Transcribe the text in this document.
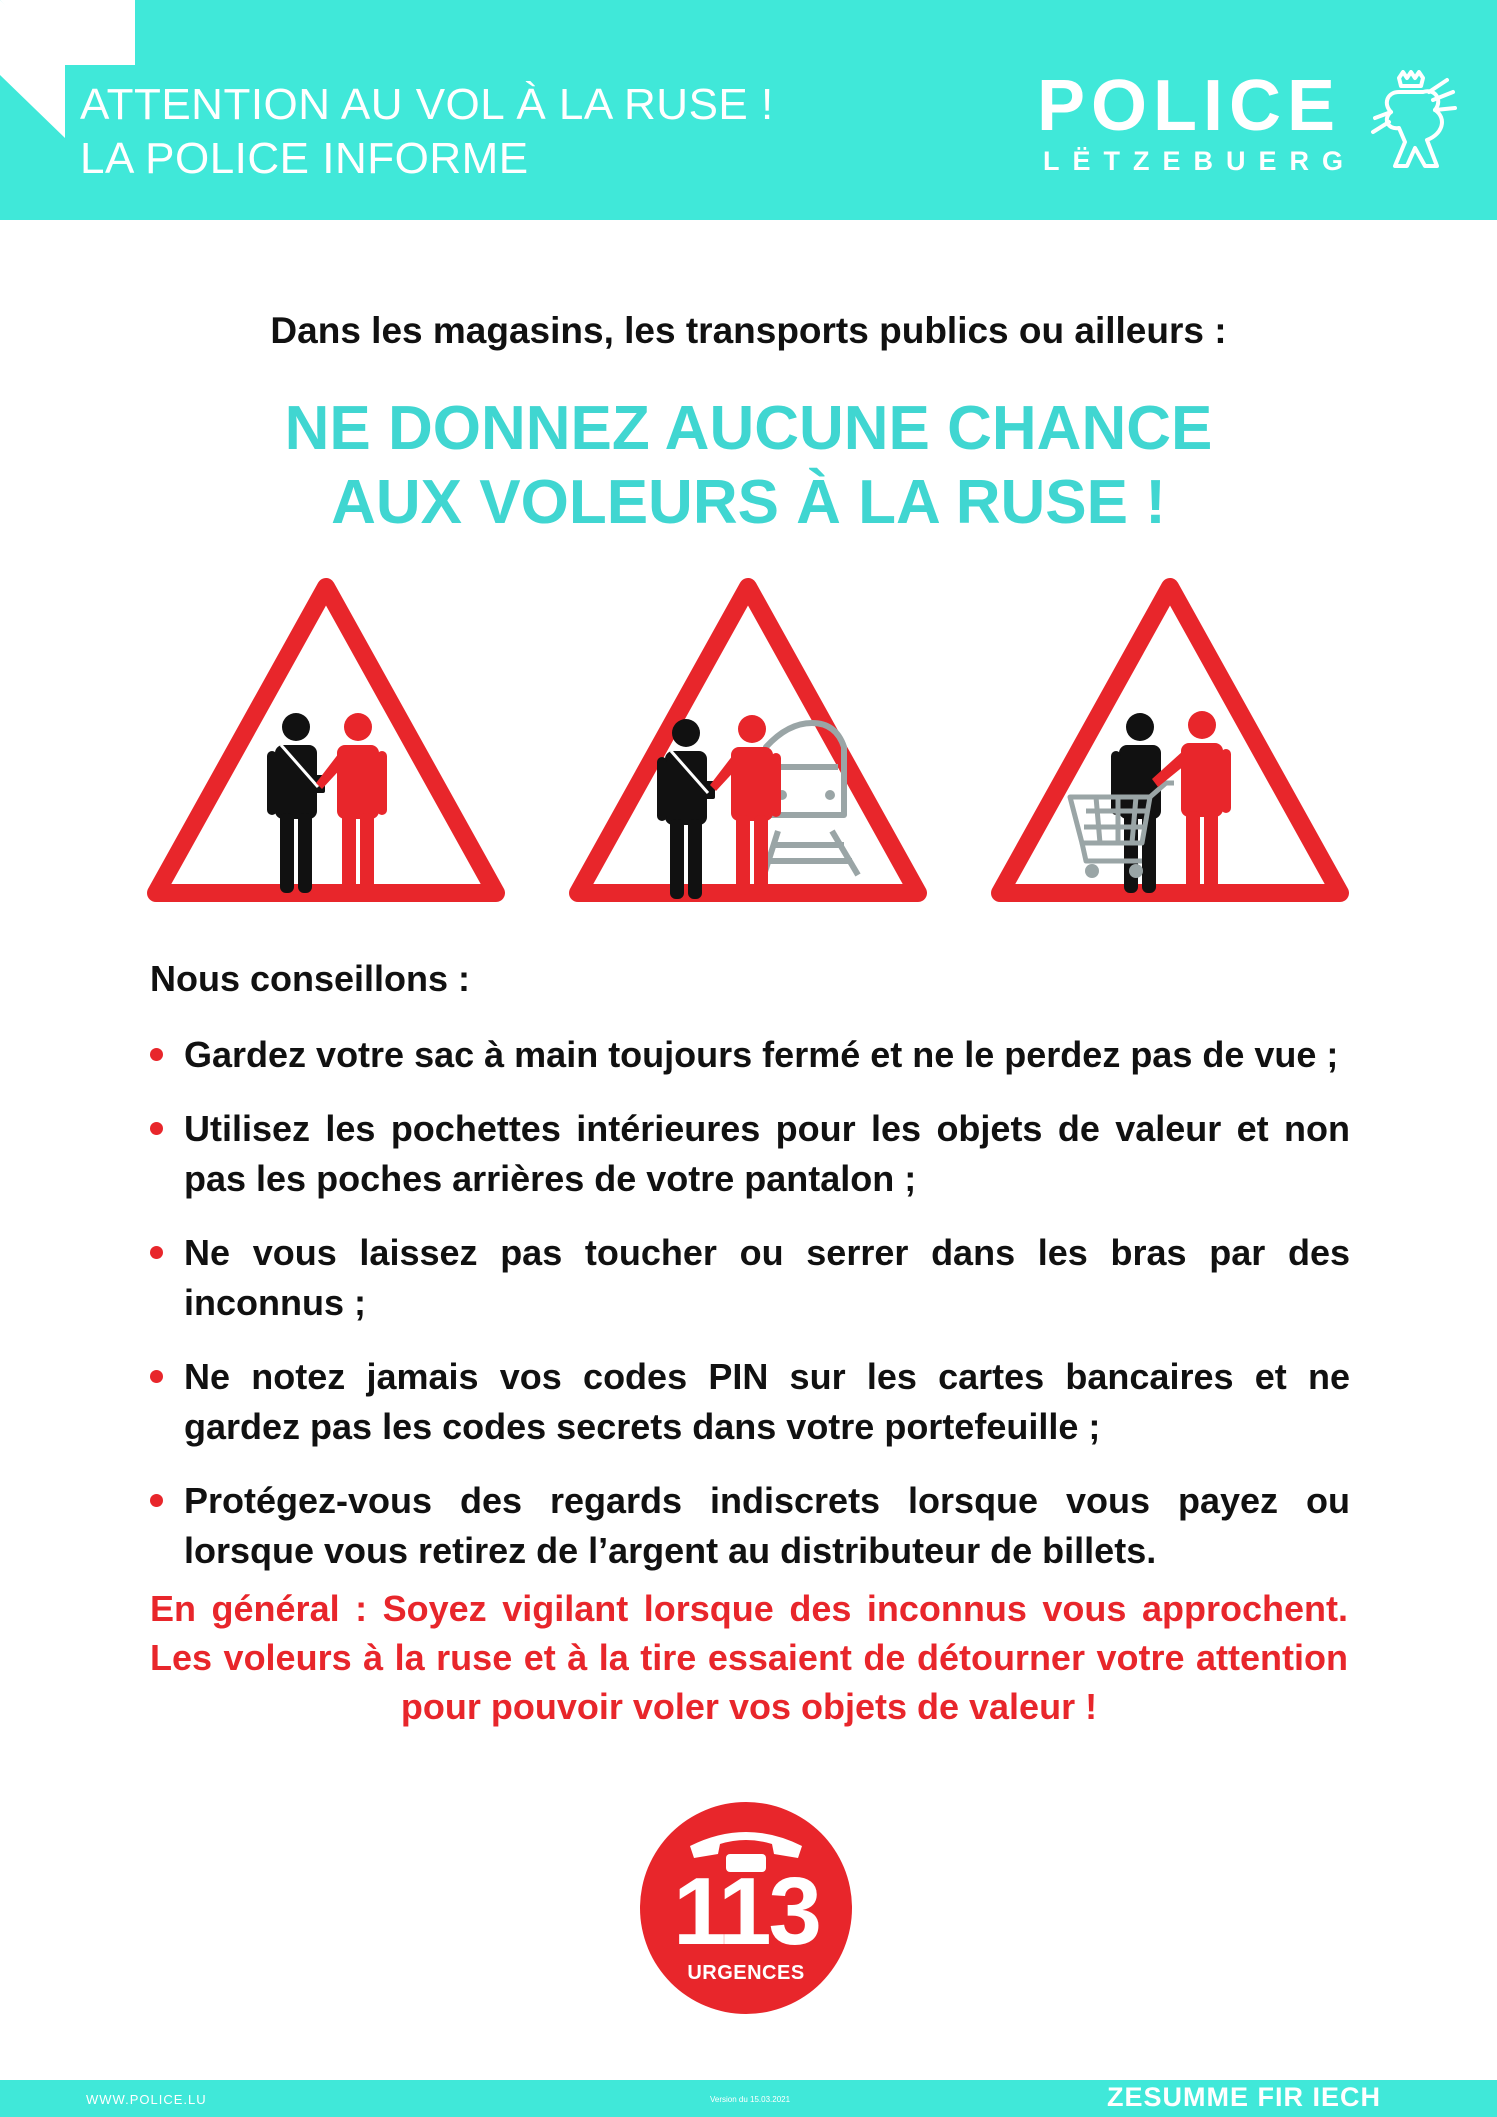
ATTENTION AU VOL À LA RUSE !
LA POLICE INFORME
POLICE
LËTZEBUERG
Dans les magasins, les transports publics ou ailleurs :
NE DONNEZ AUCUNE CHANCE
AUX VOLEURS À LA RUSE !
Nous conseillons :
Gardez votre sac à main toujours fermé et ne le perdez pas de vue ;
Utilisez les pochettes intérieures pour les objets de valeur et non pas les poches arrières de votre pantalon ;
Ne vous laissez pas toucher ou serrer dans les bras par des inconnus ;
Ne notez jamais vos codes PIN sur les cartes bancaires et ne gardez pas les codes secrets dans votre portefeuille ;
Protégez-vous des regards indiscrets lorsque vous payez ou lorsque vous retirez de l’argent au distributeur de billets.
En général : Soyez vigilant lorsque des inconnus vous approchent. Les voleurs à la ruse et à la tire essaient de détourner votre attention pour pouvoir voler vos objets de valeur !
113
URGENCES
WWW.POLICE.LU	Version du 15.03.2021	ZESUMME FIR IECH
